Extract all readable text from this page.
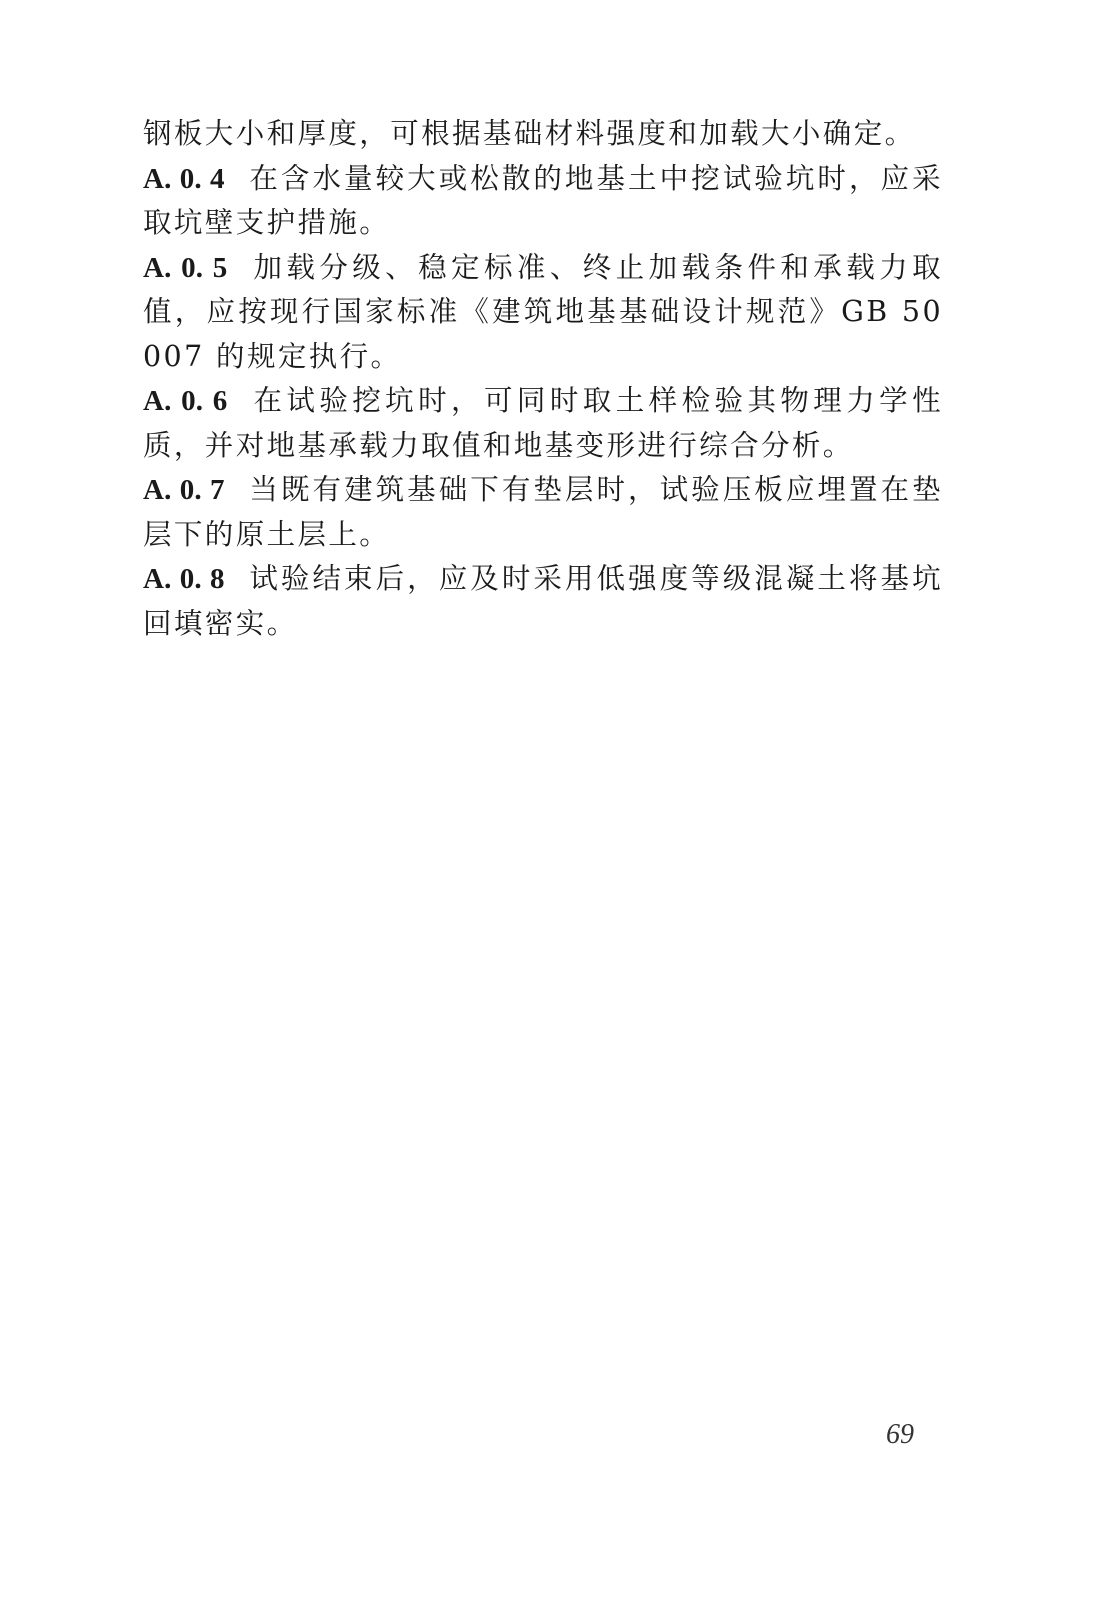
钢板大小和厚度，可根据基础材料强度和加载大小确定。

A. 0. 4 在含水量较大或松散的地基土中挖试验坑时，应采取坑壁支护措施。

A. 0. 5 加载分级、稳定标准、终止加载条件和承载力取值，应按现行国家标准《建筑地基基础设计规范》GB 50007 的规定执行。

A. 0. 6 在试验挖坑时，可同时取土样检验其物理力学性质，并对地基承载力取值和地基变形进行综合分析。

A. 0. 7 当既有建筑基础下有垫层时，试验压板应埋置在垫层下的原土层上。

A. 0. 8 试验结束后，应及时采用低强度等级混凝土将基坑回填密实。

69
